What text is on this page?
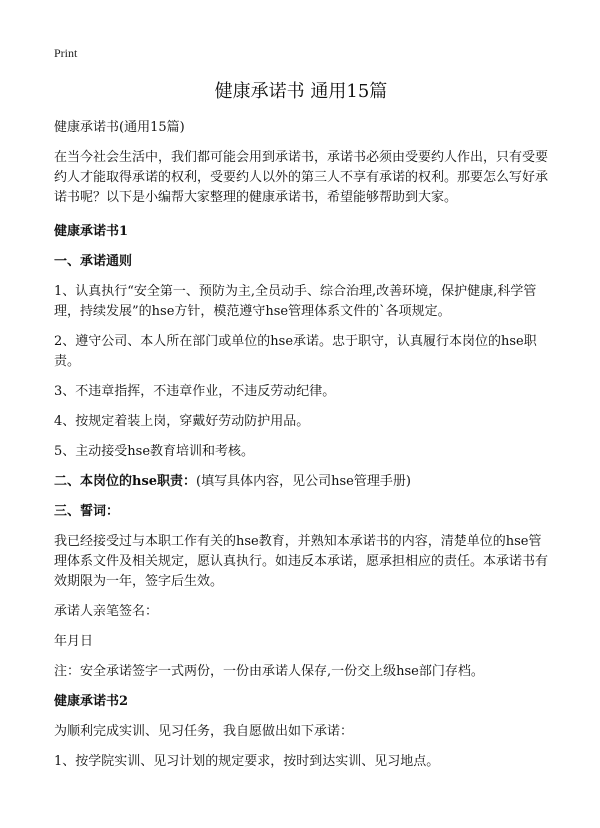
Print
健康承诺书 通用15篇

健康承诺书(通用15篇)

在当今社会生活中，我们都可能会用到承诺书，承诺书必须由受要约人作出，只有受要约人才能取得承诺的权利，受要约人以外的第三人不享有承诺的权利。那要怎么写好承诺书呢？以下是小编帮大家整理的健康承诺书，希望能够帮助到大家。

健康承诺书1

一、承诺通则

1、认真执行“安全第一、预防为主,全员动手、综合治理,改善环境，保护健康,科学管理，持续发展”的hse方针，模范遵守hse管理体系文件的`各项规定。

2、遵守公司、本人所在部门或单位的hse承诺。忠于职守，认真履行本岗位的hse职责。

3、不违章指挥，不违章作业，不违反劳动纪律。

4、按规定着装上岗，穿戴好劳动防护用品。

5、主动接受hse教育培训和考核。

二、本岗位的hse职责：(填写具体内容，见公司hse管理手册)

三、誓词：

我已经接受过与本职工作有关的hse教育，并熟知本承诺书的内容，清楚单位的hse管理体系文件及相关规定，愿认真执行。如违反本承诺，愿承担相应的责任。本承诺书有效期限为一年，签字后生效。

承诺人亲笔签名：

年月日

注：安全承诺签字一式两份，一份由承诺人保存,一份交上级hse部门存档。

健康承诺书2

为顺利完成实训、见习任务，我自愿做出如下承诺：

1、按学院实训、见习计划的规定要求，按时到达实训、见习地点。
